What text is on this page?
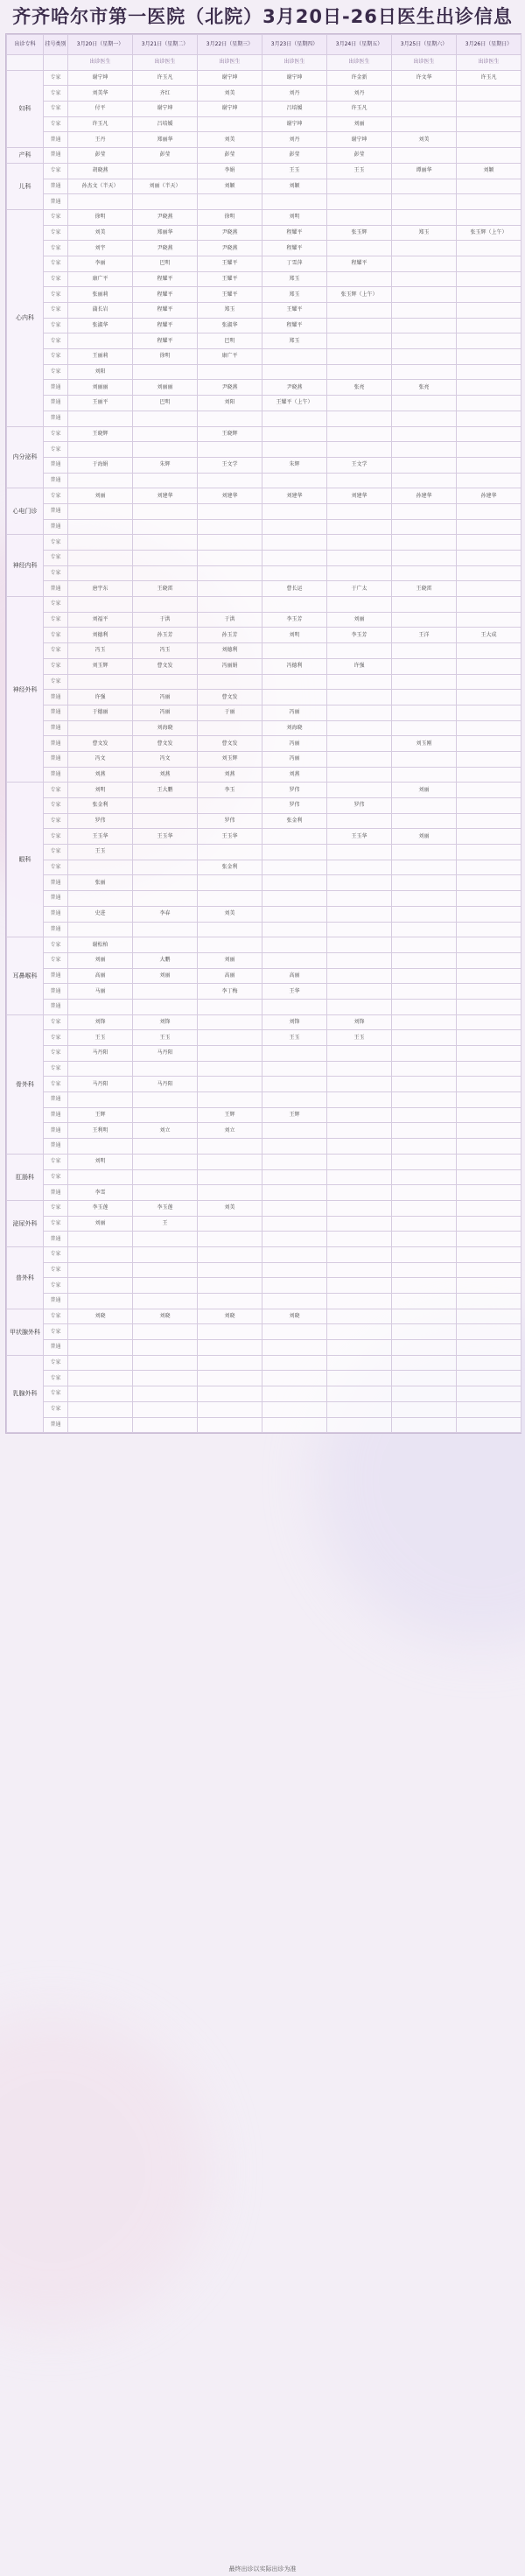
齐齐哈尔市第一医院（北院）3月20日-26日医生出诊信息
出诊专科	挂号类别	3月20日（星期一）	3月21日（星期二）	3月22日（星期三）	3月23日（星期四）	3月24日（星期五）	3月25日（星期六）	3月26日（星期日）
		出诊医生	出诊医生	出诊医生	出诊医生	出诊医生	出诊医生	出诊医生
妇科	专家	谢宁坤	许玉凡	谢宁坤	谢宁坤	许金新	许文华	许玉凡
	专家	刘美华	齐红	刘美	刘丹	刘丹		
	专家	付平	谢宁坤	谢宁坤	吕培媛	许玉凡		
	专家	许玉凡	吕培媛		谢宁坤	刘丽		
	普通	王丹	郑丽华	刘美	刘丹	谢宁坤	刘美	
产科	普通	彭莹	彭莹	彭莹	彭莹	彭莹		
儿科	专家	胡晓燕		李娟	王玉	王玉	谭丽华	刘颖
	普通	孙杰文（半天）	刘丽（半天）	刘颖	刘颖			
	普通							
心内科	专家	徐明	尹晓燕	徐明	刘明			
	专家	刘美	郑丽华	尹晓燕	程耀平	张玉辉	郑玉	张玉辉（上午）
	专家	刘宇	尹晓燕	尹晓燕	程耀平			
	专家	李丽	巴明	王耀平	丁雪萍	程耀平		
	专家	康广平	程耀平	王耀平	郑玉			
	专家	张丽莉	程耀平	王耀平	郑玉	张玉辉（上午）		
	专家	蒲长岩	程耀平	郑玉	王耀平			
	专家	张淑华	程耀平	张淑华	程耀平			
	专家		程耀平	巴明	郑玉			
	专家	王丽莉	徐明	康广平				
	专家	刘阳						
	普通	刘丽丽	刘丽丽	尹晓燕	尹晓燕	张亮	张亮	
	普通	王丽平	巴明	刘阳	王耀平（上午）			
	普通							
内分泌科	专家	王晓辉		王晓辉				
	专家							
	普通	于海娟	朱辉	王文学	朱辉	王文学		
	普通							
心电门诊	专家	刘丽	刘建华	刘建华	刘建华	刘建华	孙建华	孙建华
	普通							
	普通							
神经内科	专家							
	专家							
	专家							
	普通	唐宇东	王晓雷		曹长运	于广太	王晓雷	
神经外科	专家							
	专家	刘福平	于洪	于洪	李玉芳	刘丽		
	专家	刘德利	孙玉芳	孙玉芳	刘明	李玉芳	王洋	王大成
	专家	冯玉	冯玉	刘德利				
	专家	刘玉辉	曹文发	冯丽娟	冯德利	许强		
	专家							
	普通	许强	冯丽	曹文发				
	普通	于德丽	冯丽	于丽	冯丽			
	普通		刘海晓		刘海晓			
	普通	曹文发	曹文发	曹文发	冯丽		刘玉刚	
	普通	冯文	冯文	刘玉辉	冯丽			
	普通	刘燕	刘燕	刘燕	刘燕			
眼科	专家	刘明	王大鹏	李玉	罗伟		刘丽	
	专家	张金利			罗伟	罗伟		
	专家	罗伟		罗伟	张金利			
	专家	王玉华	王玉华	王玉华		王玉华	刘丽	
	专家	王玉						
	专家			张金利				
	普通	张丽						
	普通							
	普通	史进	李春	刘美				
	普通							
耳鼻喉科	专家	谢松柏						
	专家	刘丽	大鹏	刘丽				
	普通	高丽	刘丽	高丽	高丽			
	普通	马丽		李丁梅	王华			
	普通							
骨外科	专家	刘锋	刘锋		刘锋	刘锋		
	专家	王玉	王玉		王玉	王玉		
	专家	马丹阳	马丹阳					
	专家							
	专家	马丹阳	马丹阳					
	普通							
	普通	王辉		王辉	王辉			
	普通	王利明	刘立	刘立				
	普通							
肛肠科	专家	刘明						
	专家							
	普通	李雪						
泌尿外科	专家	李玉莲	李玉莲	刘美				
	专家	刘丽	王					
	普通							
普外科	专家							
	专家							
	专家							
	普通							
甲状腺外科	专家	刘晓	刘晓	刘晓	刘晓			
	专家							
	普通							
乳腺外科	专家							
	专家							
	专家							
	专家							
	普通							
最终出诊以实际出诊为准
